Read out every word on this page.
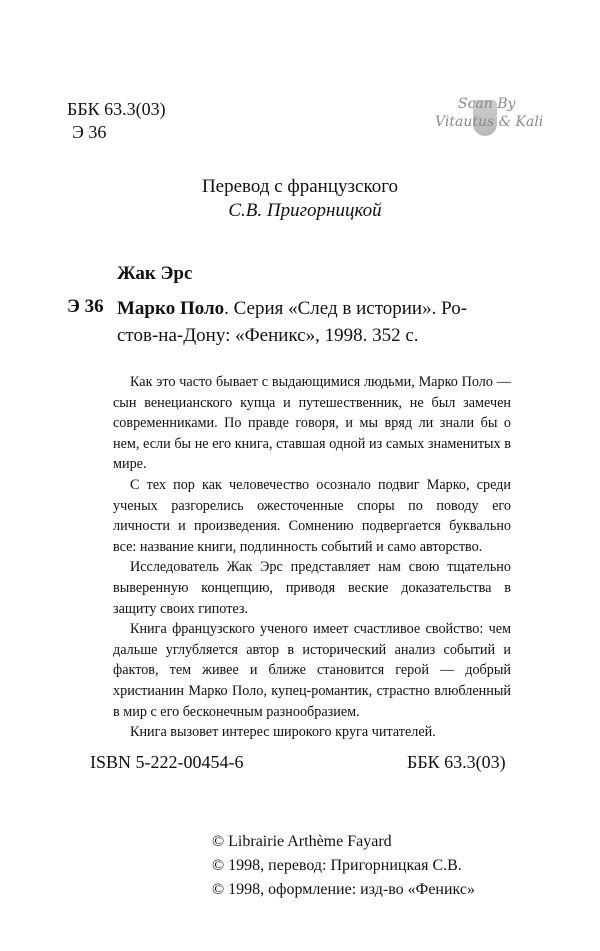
ББК 63.3(03)
Э 36
Scan By
Vitautus & Kali
Перевод с французского
С.В. Пригорницкой
Жак Эрс
Э 36 Марко Поло. Серия «След в истории». Ро-
стов-на-Дону: «Феникс», 1998. 352 с.

Как это часто бывает с выдающимися людьми, Марко Поло — сын венецианского купца и путешественник, не был замечен современниками. По правде говоря, и мы вряд ли знали бы о нем, если бы не его книга, ставшая одной из самых знаменитых в мире.

С тех пор как человечество осознало подвиг Марко, среди ученых разгорелись ожесточенные споры по поводу его личности и произведения. Сомнению подвергается буквально все: название книги, подлинность событий и само авторство.

Исследователь Жак Эрс представляет нам свою тщательно выверенную концепцию, приводя веские доказательства в защиту своих гипотез.

Книга французского ученого имеет счастливое свойство: чем дальше углубляется автор в исторический анализ событий и фактов, тем живее и ближе становится герой — добрый христианин Марко Поло, купец-романтик, страстно влюбленный в мир с его бесконечным разнообразием.

Книга вызовет интерес широкого круга читателей.

ISBN 5-222-00454-6	ББК 63.3(03)
© Librairie Arthème Fayard
© 1998, перевод: Пригорницкая С.В.
© 1998, оформление: изд-во «Феникс»
